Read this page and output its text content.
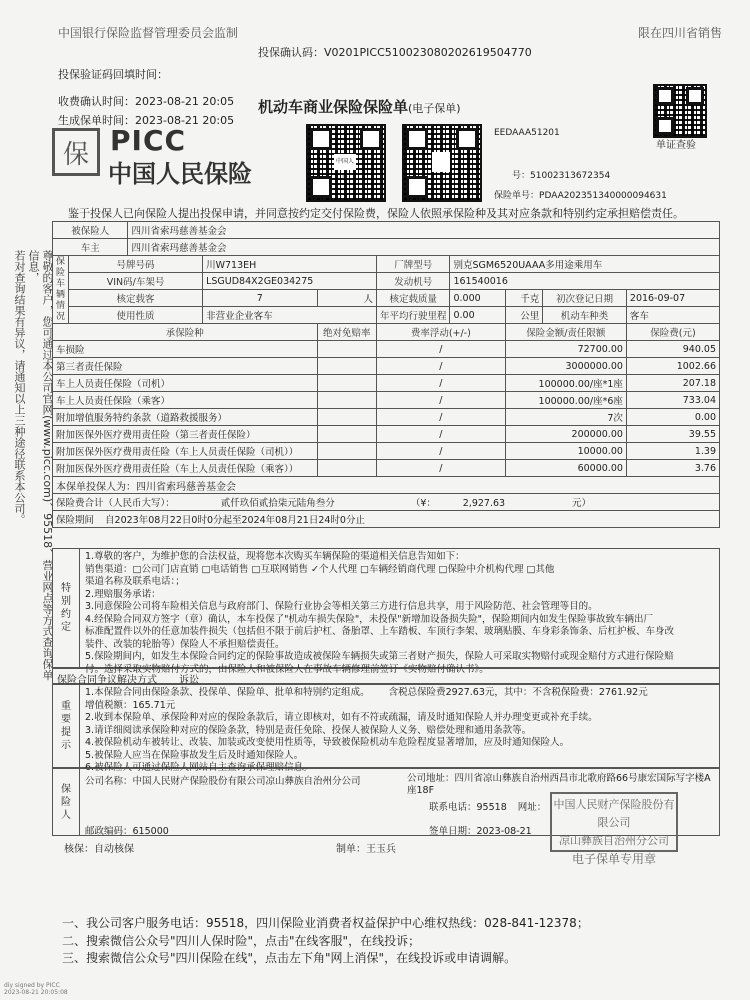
中国银行保险监督管理委员会监制	限在四川省销售
投保确认码：V0201PICC510023080202619504770
投保验证码回填时间：
收费确认时间：2023-08-21 20:05
生成保单时间：2023-08-21 20:05
机动车商业保险保险单(电子保单)
单证查验
中国人民
保 PICC
中国人民保险
EEDAAA51201
号：51002313672354
保险单号：PDAA202351340000094631
尊敬的客户，您可通过本公司官网(www.picc.com)、95518、营业网点等方式查询保单信息，
若对查询结果有异议，请通知以上三种途径联系本公司。
鉴于投保人已向保险人提出投保申请，并同意按约定交付保险费，保险人依照承保险种及其对应条款和特别约定承担赔偿责任。
被保险人		四川省索玛慈善基金会							
车主		四川省索玛慈善基金会							
保险车辆情况	号牌号码		川W713EH		厂牌型号	别克SGM6520UAAA多用途乘用车			
	VIN码/车架号		LSGUD84X2GE034275		发动机号	161540016			
	核定载客		7	人	核定载质量	0.000	千克	初次登记日期	2016-09-07
	使用性质		非营业企业客车		年平均行驶里程	0.00	公里	机动车种类	客车
承保险种				绝对免赔率	费率浮动(+/-)		保险金额/责任限额		保险费(元)
车损险					/		72700.00		940.05
第三者责任保险					/		3000000.00		1002.66
车上人员责任保险（司机）					/		100000.00/座*1座		207.18
车上人员责任保险（乘客）					/		100000.00/座*6座		733.04
附加增值服务特约条款（道路救援服务）					/		7次		0.00
附加医保外医疗费用责任险（第三者责任保险）					/		200000.00		39.55
附加医保外医疗费用责任险（车上人员责任保险（司机））					/		10000.00		1.39
附加医保外医疗费用责任险（车上人员责任保险（乘客））					/		60000.00		3.76
本保单投保人为：四川省索玛慈善基金会									
保险费合计（人民币大写）： 贰仟玖佰贰拾柒元陆角叁分 （¥： 2,927.63 元）									
保险期间 自2023年08月22日0时0分起至2024年08月21日24时0分止									
特别约定
1.尊敬的客户，为维护您的合法权益，现将您本次购买车辆保险的渠道相关信息告知如下：
销售渠道：□公司门店直销 □电话销售 □互联网销售 ✓个人代理 □车辆经销商代理 □保险中介机构代理 □其他
渠道名称及联系电话：；
2.理赔服务承诺：
3.同意保险公司将车险相关信息与政府部门、保险行业协会等相关第三方进行信息共享，用于风险防范、社会管理等目的。
4.经保险合同双方签字（章）确认，本车投保了"机动车损失保险"，未投保"新增加设备损失险"，保险期间内如发生保险事故致车辆出厂
标准配置件以外的任意加装件损失（包括但不限于前后护杠、备胎罩、上车踏板、车顶行李架、玻璃贴膜、车身彩条饰条、后杠护板、车身改
装件、改装的轮胎等）保险人不承担赔偿责任。
5.保险期间内，如发生本保险合同约定的保险事故造成被保险车辆损失或第三者财产损失，保险人可采取实物赔付或现金赔付方式进行保险赔
付。选择采取实物赔付方式的，由保险人和被保险人在事故车辆修理前签订《实物赔付确认书》。
保险合同争议解决方式 诉讼
重要提示
1.本保险合同由保险条款、投保单、保险单、批单和特别约定组成。 含税总保险费2927.63元，其中：不含税保险费：2761.92元
增值税额：165.71元
2.收到本保险单、承保险种对应的保险条款后，请立即核对，如有不符或疏漏，请及时通知保险人并办理变更或补充手续。
3.请详细阅读承保险种对应的保险条款，特别是责任免除、投保人被保险人义务、赔偿处理和通用条款等。
4.被保险机动车被转让、改装、加装或改变使用性质等，导致被保险机动车危险程度显著增加，应及时通知保险人。
5.被保险人应当在保险事故发生后及时通知保险人。
6.被保险人可通过保险人网站自主查询承保理赔信息。
保险人
公司名称：中国人民财产保险股份有限公司凉山彝族自治州分公司	公司地址：四川省凉山彝族自治州西昌市北歌府路66号康宏国际写字楼A座18F
联系电话：95518 网址：
邮政编码：615000	签单日期：2023-08-21
中国人民财产保险股份有限公司
凉山彝族自治州分公司
电子保单专用章
核保：自动核保	制单：王玉兵
一、我公司客户服务电话：95518，四川保险业消费者权益保护中心维权热线：028-841-12378；
二、搜索微信公众号"四川人保时险"，点击"在线客服"，在线投诉；
三、搜索微信公众号"四川保险在线"，点击左下角"网上消保"，在线投诉或申请调解。
diy signed by PICC
2023-08-21 20:05:08
